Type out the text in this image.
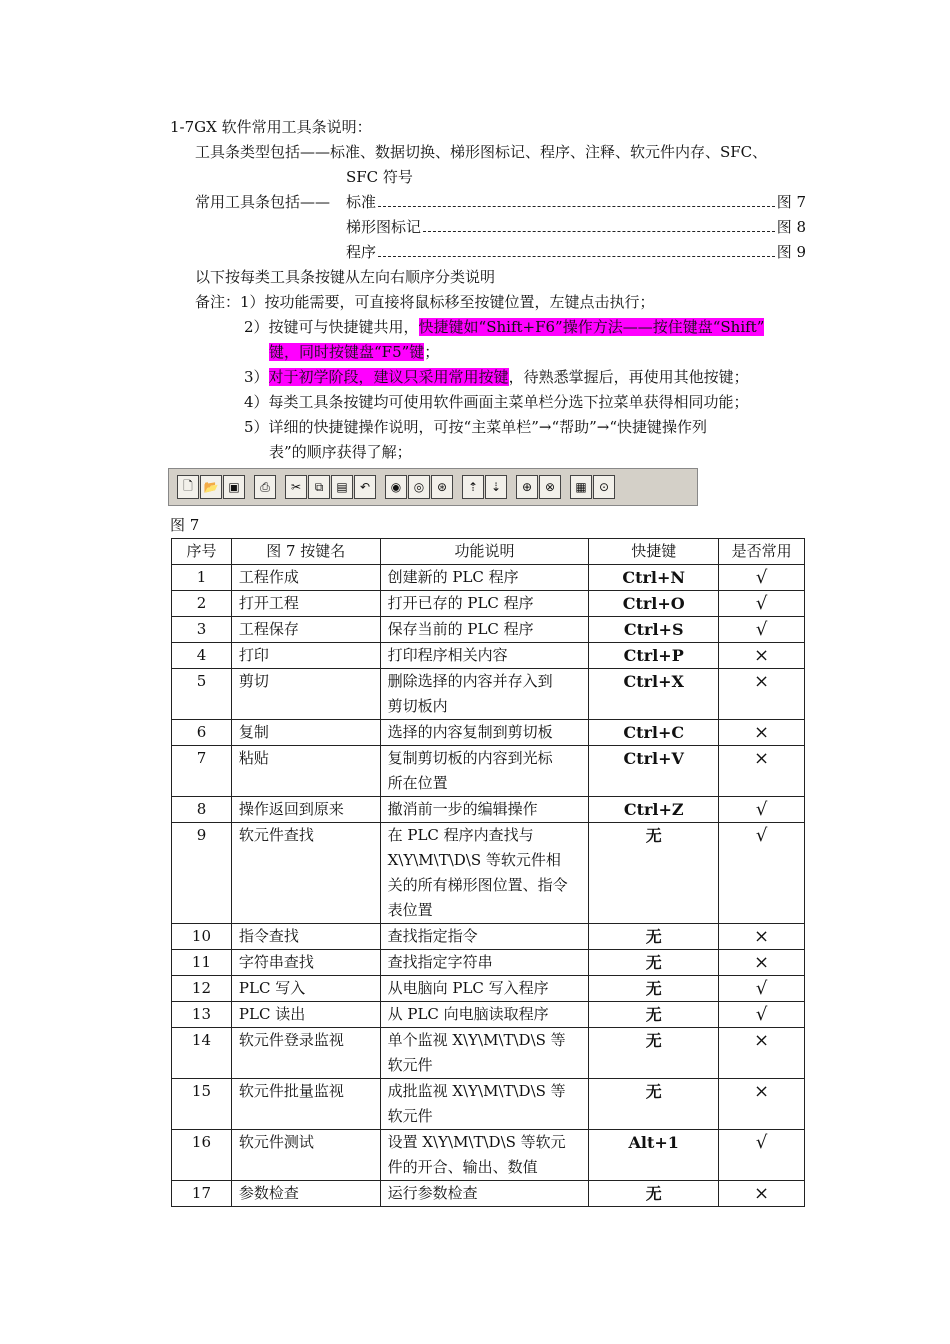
1-7GX 软件常用工具条说明：
工具条类型包括——标准、数据切换、梯形图标记、程序、注释、软元件内存、SFC、
SFC 符号
常用工具条包括—— 标准	图 7
梯形图标记	图 8
程序	图 9
以下按每类工具条按键从左向右顺序分类说明
备注：1）按功能需要，可直接将鼠标移至按键位置，左键点击执行；
2）按键可与快捷键共用，快捷键如“Shift+F6”操作方法——按住键盘“Shift”
键，同时按键盘“F5”键；
3）对于初学阶段，建议只采用常用按键，待熟悉掌握后，再使用其他按键；
4）每类工具条按键均可使用软件画面主菜单栏分选下拉菜单获得相同功能；
5）详细的快捷键操作说明，可按“主菜单栏”→“帮助”→“快捷键操作列
表”的顺序获得了解；
🗋 📂 ▣	⎙	✂	⧉	▤	↶	◉	◎	⊛	⇡	⇣	⊕	⊗	▦	⊙
图 7
序号	图 7 按键名	功能说明	快捷键	是否常用
1	工程作成	创建新的 PLC 程序	Ctrl+N	√
2	打开工程	打开已存的 PLC 程序	Ctrl+O	√
3	工程保存	保存当前的 PLC 程序	Ctrl+S	√
4	打印	打印程序相关内容	Ctrl+P	×
5	剪切	删除选择的内容并存入到
剪切板内	Ctrl+X	×
6	复制	选择的内容复制到剪切板	Ctrl+C	×
7	粘贴	复制剪切板的内容到光标
所在位置	Ctrl+V	×
8	操作返回到原来	撤消前一步的编辑操作	Ctrl+Z	√
9	软元件查找	在 PLC 程序内查找与
X\Y\M\T\D\S 等软元件相
关的所有梯形图位置、指令
表位置	无	√
10	指令查找	查找指定指令	无	×
11	字符串查找	查找指定字符串	无	×
12	PLC 写入	从电脑向 PLC 写入程序	无	√
13	PLC 读出	从 PLC 向电脑读取程序	无	√
14	软元件登录监视	单个监视 X\Y\M\T\D\S 等
软元件	无	×
15	软元件批量监视	成批监视 X\Y\M\T\D\S 等
软元件	无	×
16	软元件测试	设置 X\Y\M\T\D\S 等软元
件的开合、输出、数值	Alt+1	√
17	参数检查	运行参数检查	无	×
